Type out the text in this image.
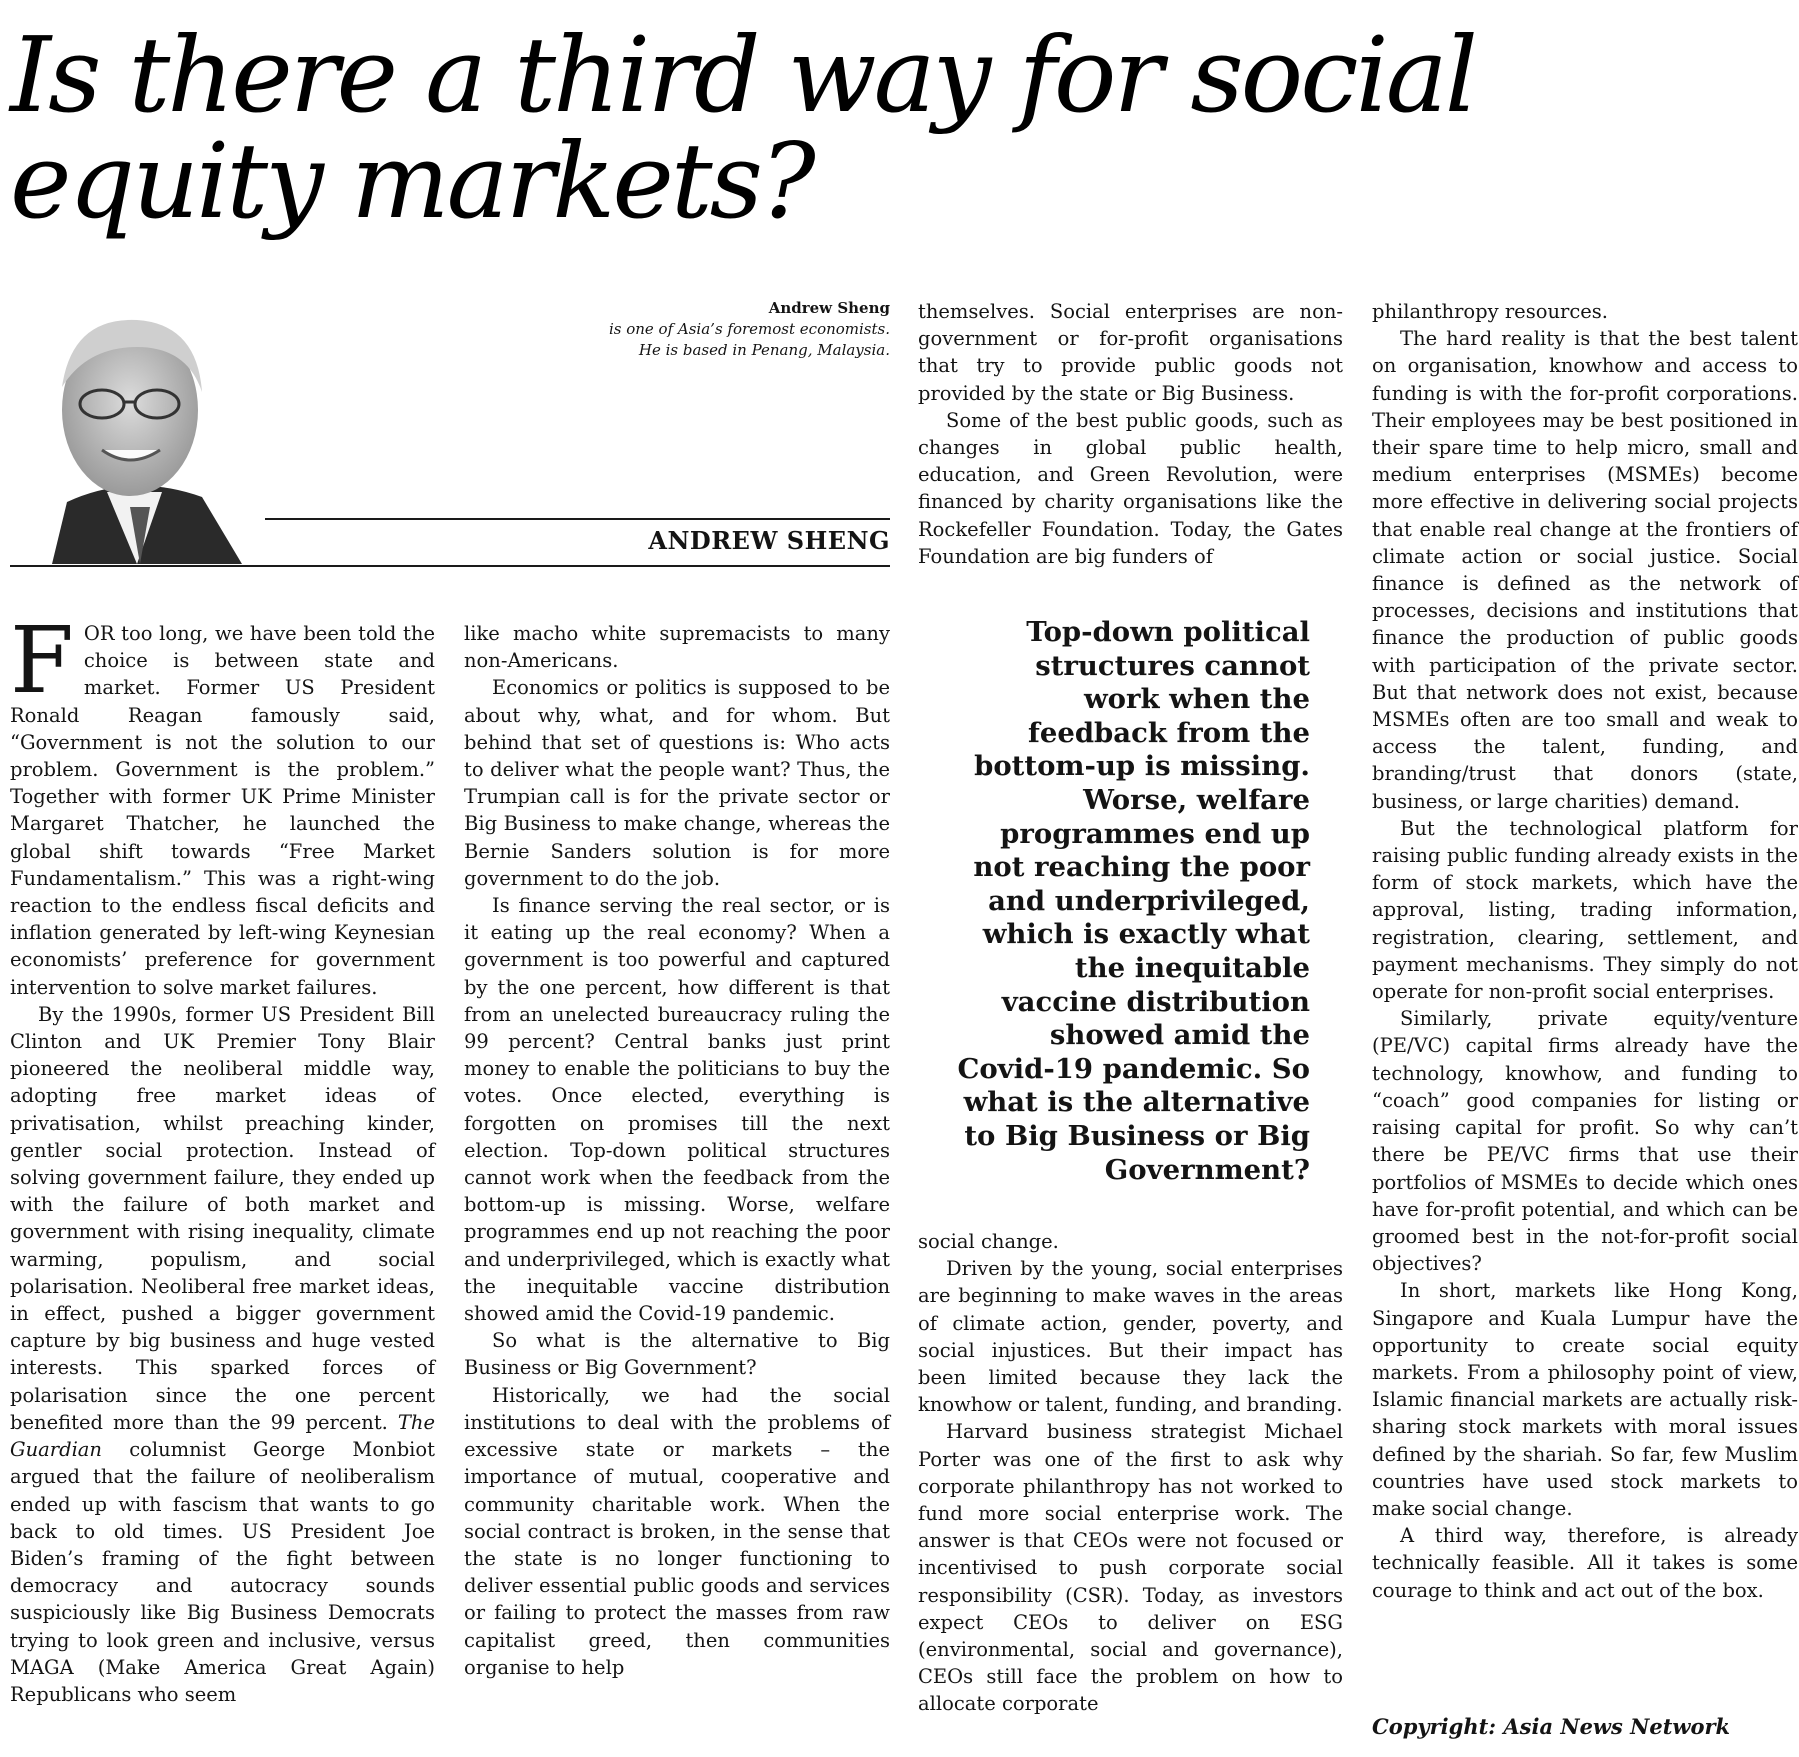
Is there a third way for social equity markets?
Andrew Sheng
is one of Asia’s foremost economists. He is based in Penang, Malaysia.
ANDREW SHENG

FOR too long, we have been told the choice is between state and market. Former US President Ronald Reagan famously said, “Government is not the solution to our problem. Government is the problem.” Together with former UK Prime Minister Margaret Thatcher, he launched the global shift towards “Free Market Fundamentalism.” This was a right-wing reaction to the endless fiscal deficits and inflation generated by left-wing Keynesian economists’ preference for government intervention to solve market failures.

By the 1990s, former US President Bill Clinton and UK Premier Tony Blair pioneered the neoliberal middle way, adopting free market ideas of privatisation, whilst preaching kinder, gentler social protection. Instead of solving government failure, they ended up with the failure of both market and government with rising inequality, climate warming, populism, and social polarisation. Neoliberal free market ideas, in effect, pushed a bigger government capture by big business and huge vested interests. This sparked forces of polarisation since the one percent benefited more than the 99 percent. The Guardian columnist George Monbiot argued that the failure of neoliberalism ended up with fascism that wants to go back to old times. US President Joe Biden’s framing of the fight between democracy and autocracy sounds suspiciously like Big Business Democrats trying to look green and inclusive, versus MAGA (Make America Great Again) Republicans who seem

like macho white supremacists to many non-Americans.

Economics or politics is supposed to be about why, what, and for whom. But behind that set of questions is: Who acts to deliver what the people want? Thus, the Trumpian call is for the private sector or Big Business to make change, whereas the Bernie Sanders solution is for more government to do the job.

Is finance serving the real sector, or is it eating up the real economy? When a government is too powerful and captured by the one percent, how different is that from an unelected bureaucracy ruling the 99 percent? Central banks just print money to enable the politicians to buy the votes. Once elected, everything is forgotten on promises till the next election. Top-down political structures cannot work when the feedback from the bottom-up is missing. Worse, welfare programmes end up not reaching the poor and underprivileged, which is exactly what the inequitable vaccine distribution showed amid the Covid-19 pandemic.

So what is the alternative to Big Business or Big Government?

Historically, we had the social institutions to deal with the problems of excessive state or markets – the importance of mutual, cooperative and community charitable work. When the social contract is broken, in the sense that the state is no longer functioning to deliver essential public goods and services or failing to protect the masses from raw capitalist greed, then communities organise to help

themselves. Social enterprises are non-government or for-profit organisations that try to provide public goods not provided by the state or Big Business.

Some of the best public goods, such as changes in global public health, education, and Green Revolution, were financed by charity organisations like the Rockefeller Foundation. Today, the Gates Foundation are big funders of

Top-down political structures cannot work when the feedback from the bottom-up is missing. Worse, welfare programmes end up not reaching the poor and underprivileged, which is exactly what the inequitable vaccine distribution showed amid the Covid-19 pandemic. So what is the alternative to Big Business or Big Government?

social change.

Driven by the young, social enterprises are beginning to make waves in the areas of climate action, gender, poverty, and social injustices. But their impact has been limited because they lack the knowhow or talent, funding, and branding.

Harvard business strategist Michael Porter was one of the first to ask why corporate philanthropy has not worked to fund more social enterprise work. The answer is that CEOs were not focused or incentivised to push corporate social responsibility (CSR). Today, as investors expect CEOs to deliver on ESG (environmental, social and governance), CEOs still face the problem on how to allocate corporate

philanthropy resources.

The hard reality is that the best talent on organisation, knowhow and access to funding is with the for-profit corporations. Their employees may be best positioned in their spare time to help micro, small and medium enterprises (MSMEs) become more effective in delivering social projects that enable real change at the frontiers of climate action or social justice. Social finance is defined as the network of processes, decisions and institutions that finance the production of public goods with participation of the private sector. But that network does not exist, because MSMEs often are too small and weak to access the talent, funding, and branding/trust that donors (state, business, or large charities) demand.

But the technological platform for raising public funding already exists in the form of stock markets, which have the approval, listing, trading information, registration, clearing, settlement, and payment mechanisms. They simply do not operate for non-profit social enterprises.

Similarly, private equity/venture (PE/VC) capital firms already have the technology, knowhow, and funding to “coach” good companies for listing or raising capital for profit. So why can’t there be PE/VC firms that use their portfolios of MSMEs to decide which ones have for-profit potential, and which can be groomed best in the not-for-profit social objectives?

In short, markets like Hong Kong, Singapore and Kuala Lumpur have the opportunity to create social equity markets. From a philosophy point of view, Islamic financial markets are actually risk-sharing stock markets with moral issues defined by the shariah. So far, few Muslim countries have used stock markets to make social change.

A third way, therefore, is already technically feasible. All it takes is some courage to think and act out of the box.

Copyright: Asia News Network
